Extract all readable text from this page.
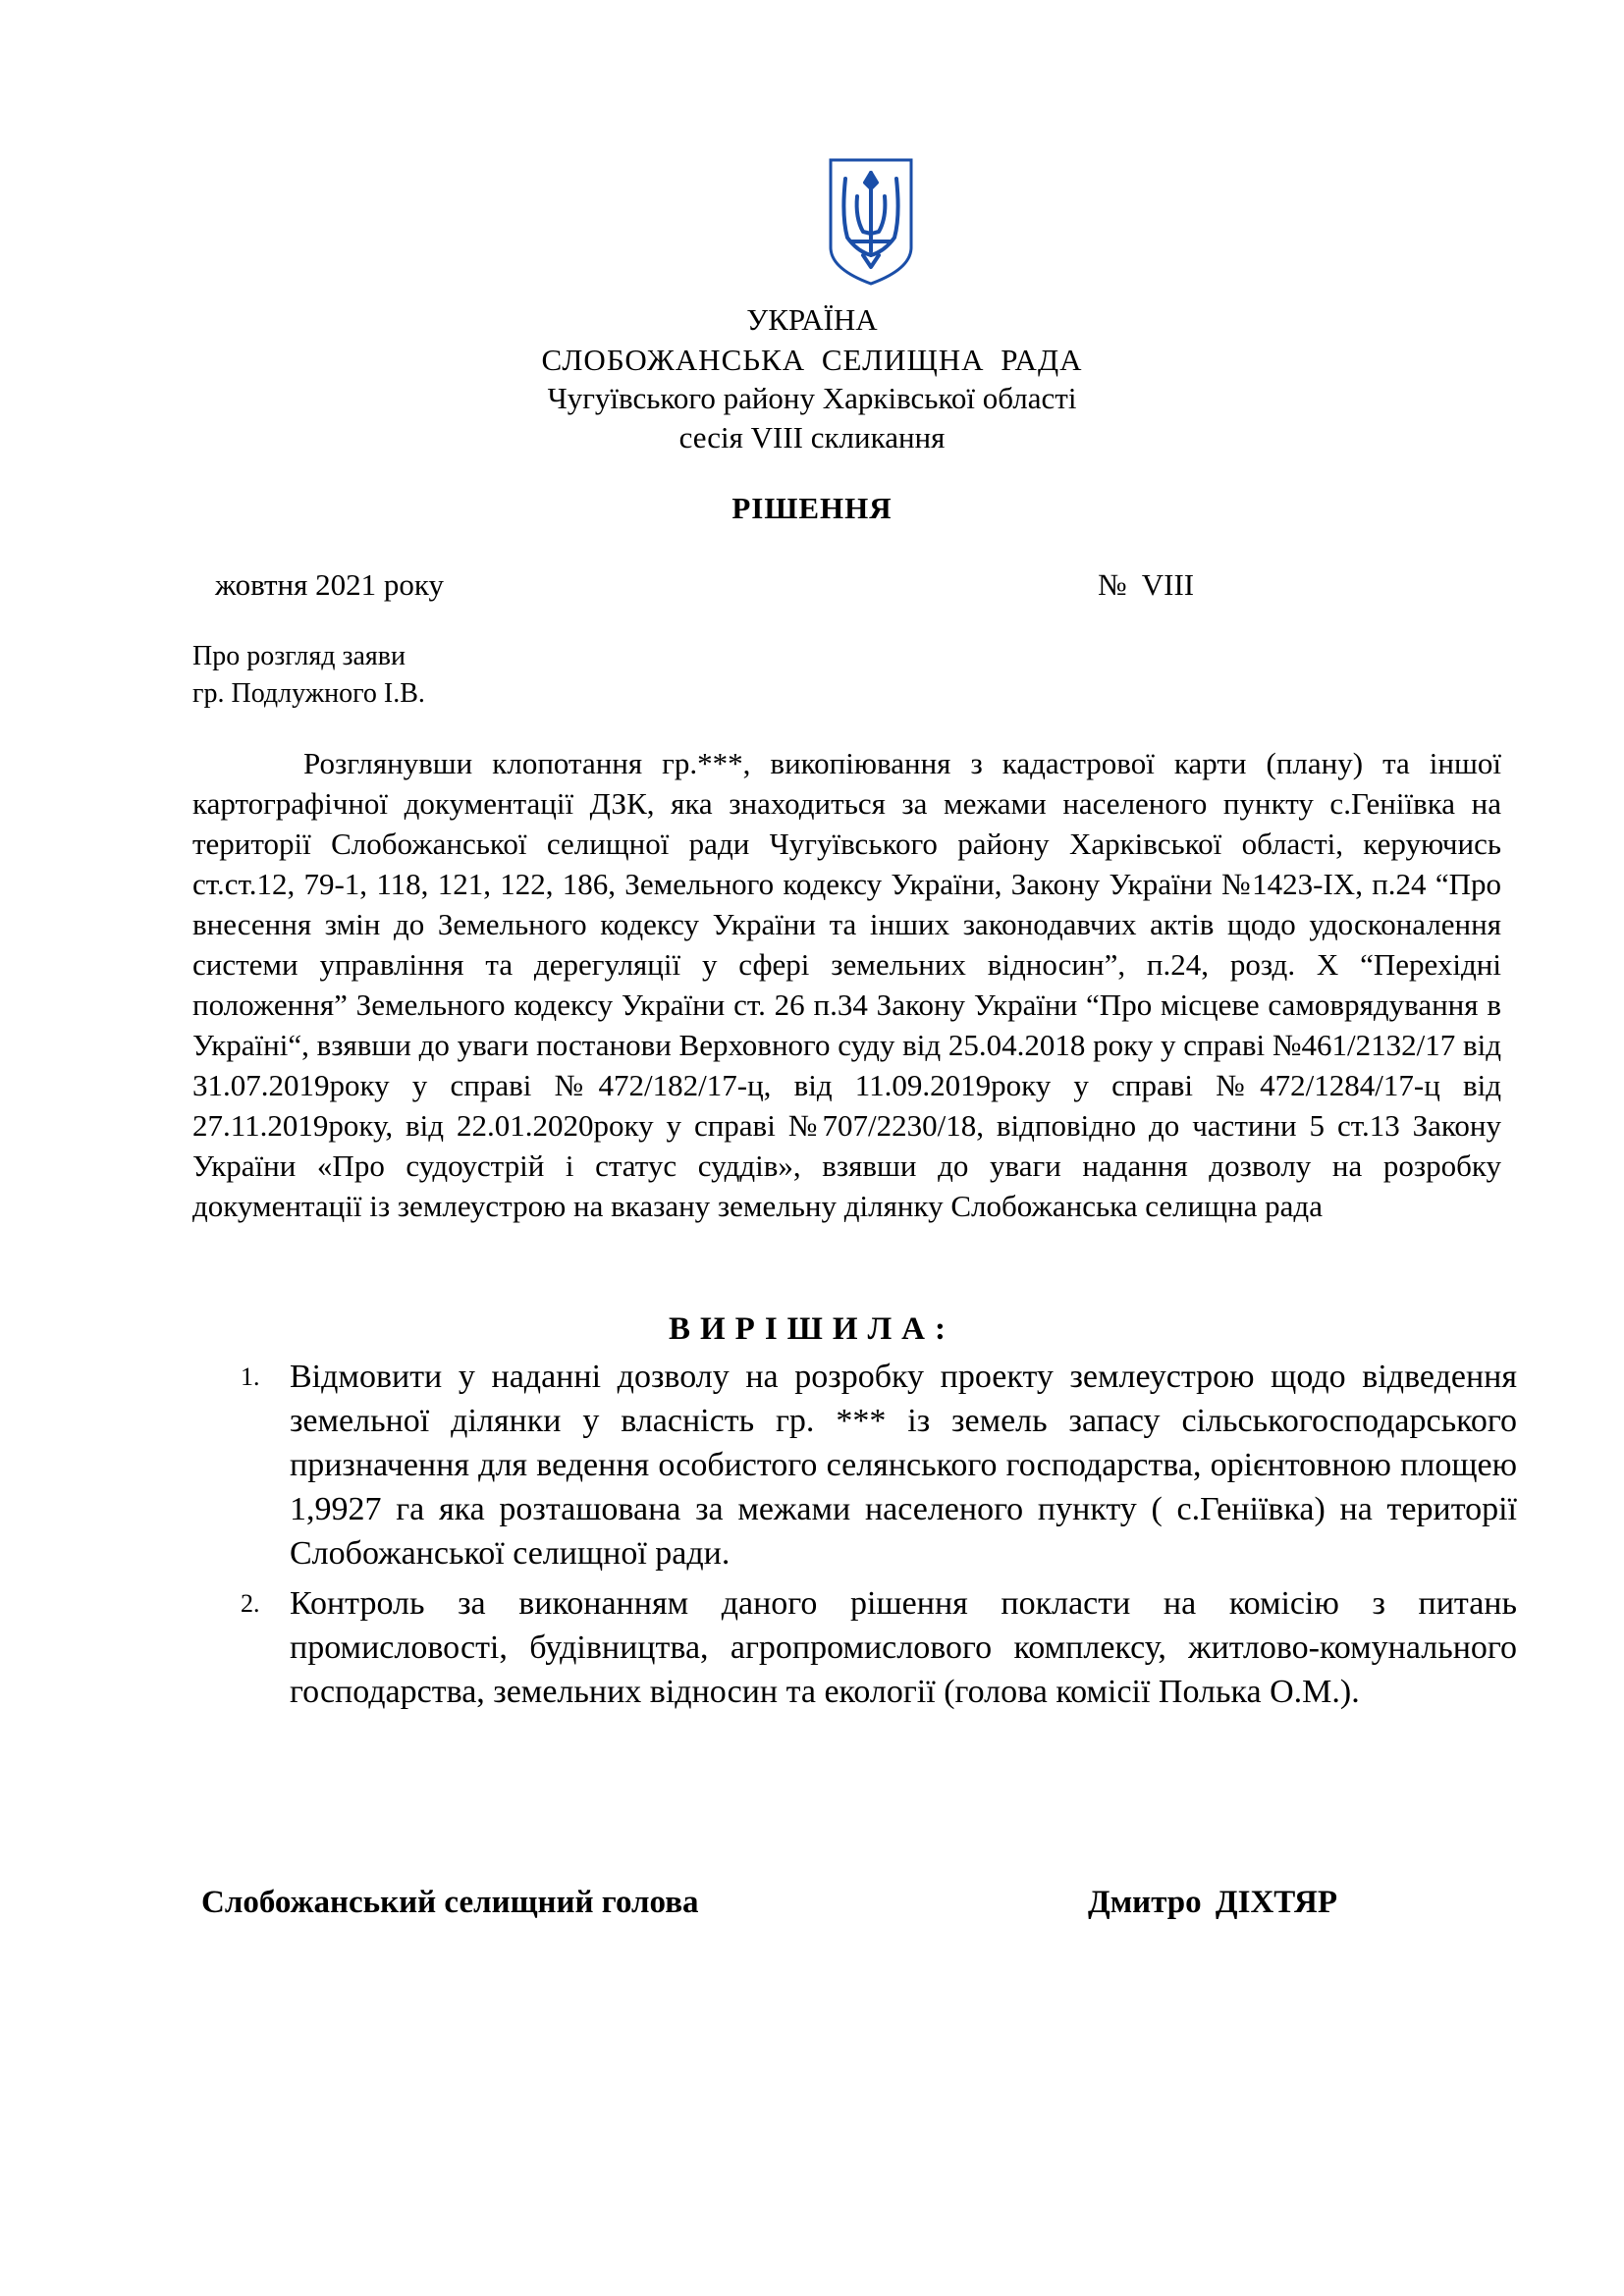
УКРАЇНА
СЛОБОЖАНСЬКА СЕЛИЩНА РАДА
Чугуївського району Харківської області
сесія VIII скликання
РІШЕННЯ
жовтня 2021 року	№ VIII
Про розгляд заяви
гр. Подлужного І.В.
Розглянувши клопотання гр.***, викопіювання з кадастрової карти (плану) та іншої картографічної документації ДЗК, яка знаходиться за межами населеного пункту с.Геніївка на території Слобожанської селищної ради Чугуївського району Харківської області, керуючись ст.ст.12, 79-1, 118, 121, 122, 186, Земельного кодексу України, Закону України №1423-IX, п.24 “Про внесення змін до Земельного кодексу України та інших законодавчих актів щодо удосконалення системи управління та дерегуляції у сфері земельних відносин”, п.24, розд. X “Перехідні положення” Земельного кодексу України ст. 26 п.34 Закону України “Про місцеве самоврядування в Україні“, взявши до уваги постанови Верховного суду від 25.04.2018 року у справі №461/2132/17 від 31.07.2019року у справі №472/182/17-ц, від 11.09.2019року у справі №472/1284/17-ц від 27.11.2019року, від 22.01.2020року у справі №707/2230/18, відповідно до частини 5 ст.13 Закону України «Про судоустрій і статус суддів», взявши до уваги надання дозволу на розробку документації із землеустрою на вказану земельну ділянку Слобожанська селищна рада
ВИРІШИЛА:
1. Відмовити у наданні дозволу на розробку проекту землеустрою щодо відведення земельної ділянки у власність гр. *** із земель запасу сільськогосподарського призначення для ведення особистого селянського господарства, орієнтовною площею 1,9927 га яка розташована за межами населеного пункту ( с.Геніївка) на території Слобожанської селищної ради.
2. Контроль за виконанням даного рішення покласти на комісію з питань промисловості, будівництва, агропромислового комплексу, житлово-комунального господарства, земельних відносин та екології (голова комісії Полька О.М.).
Слобожанський селищний голова	Дмитро ДІХТЯР
